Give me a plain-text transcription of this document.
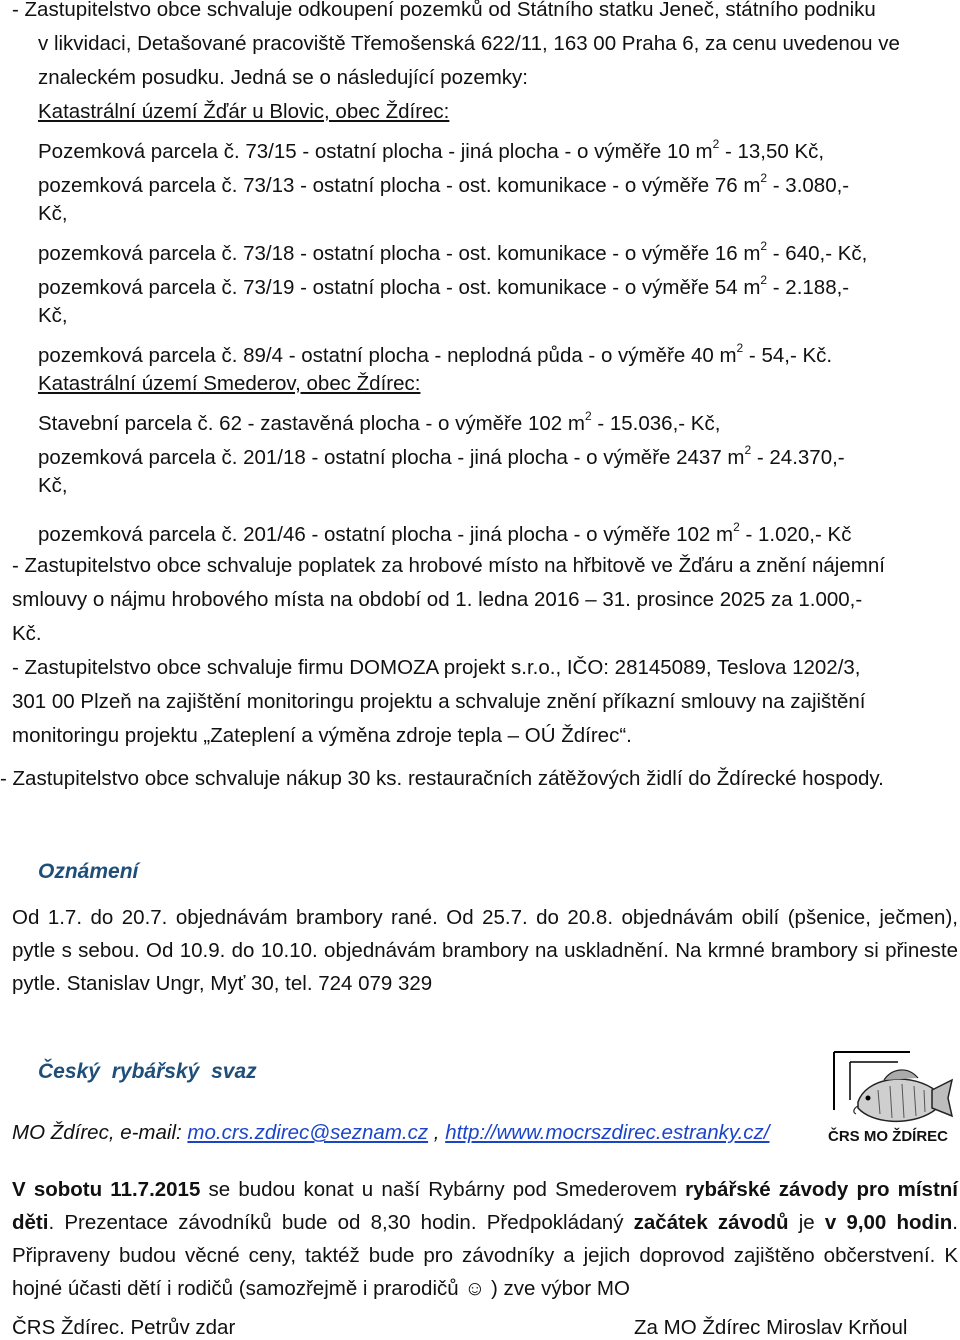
- Zastupitelstvo obce schvaluje odkoupení pozemků od Státního statku Jeneč, státního podniku
v likvidaci, Detašované pracoviště Třemošenská 622/11, 163 00 Praha 6, za cenu uvedenou ve
znaleckém posudku. Jedná se o následující pozemky:
Katastrální území Žďár u Blovic, obec Ždírec:
Pozemková parcela č. 73/15 - ostatní plocha - jiná plocha - o výměře 10 $m^2 - 13,50$ Kč,
pozemková parcela č. 73/13 - ostatní plocha - ost. komunikace - o výměře 76 $m^2 - 3.080,-$
Kč,
pozemková parcela č. 73/18 - ostatní plocha - ost. komunikace - o výměře 16 $m^2 - 640,-$ Kč,
pozemková parcela č. 73/19 - ostatní plocha - ost. komunikace - o výměře 54 $m^2 - 2.188,-$
Kč,
pozemková parcela č. 89/4 - ostatní plocha - neplodná půda - o výměře 40 $m^2 - 54,-$ Kč.
Katastrální území Smederov, obec Ždírec:
Stavební parcela č. 62 - zastavěná plocha - o výměře 102 $m^2 - 15.036,-$ Kč,
pozemková parcela č. 201/18 - ostatní plocha - jiná plocha - o výměře 2437 $m^2 - 24.370,-$
Kč,
pozemková parcela č. 201/46 - ostatní plocha - jiná plocha - o výměře 102 $m^2 - 1.020,-$ Kč
- Zastupitelstvo obce schvaluje poplatek za hrobové místo na hřbitově ve Žďáru a znění nájemní
smlouvy o nájmu hrobového místa na období od 1. ledna 2016 – 31. prosince 2025 za 1.000,-
Kč.
- Zastupitelstvo obce schvaluje firmu DOMOZA projekt s.r.o., IČO: 28145089, Teslova 1202/3,
301 00 Plzeň na zajištění monitoringu projektu a schvaluje znění příkazní smlouvy na zajištění
monitoringu projektu „Zateplení a výměna zdroje tepla – OÚ Ždírec“.
- Zastupitelstvo obce schvaluje nákup 30 ks. restauračních zátěžových židlí do Ždírecké hospody.
Oznámení
Od 1.7. do 20.7. objednávám brambory rané. Od 25.7. do 20.8. objednávám obilí (pšenice, ječmen), pytle s sebou. Od 10.9. do 10.10. objednávám brambory na uskladnění. Na krmné brambory si přineste pytle. Stanislav Ungr, Myť 30, tel. 724 079 329
Český rybářský svaz
ČRS MO ŽDÍREC
MO Ždírec, e-mail: mo.crs.zdirec@seznam.cz , http://www.mocrszdirec.estranky.cz/
V sobotu 11.7.2015 se budou konat u naší Rybárny pod Smederovem rybářské závody pro místní děti. Prezentace závodníků bude od 8,30 hodin. Předpokládaný začátek závodů je v 9,00 hodin. Připraveny budou věcné ceny, taktéž bude pro závodníky a jejich doprovod zajištěno občerstvení. K hojné účasti dětí i rodičů (samozřejmě i prarodičů ☺ ) zve výbor MO
ČRS Ždírec. Petrův zdar	Za MO Ždírec Miroslav Krňoul
